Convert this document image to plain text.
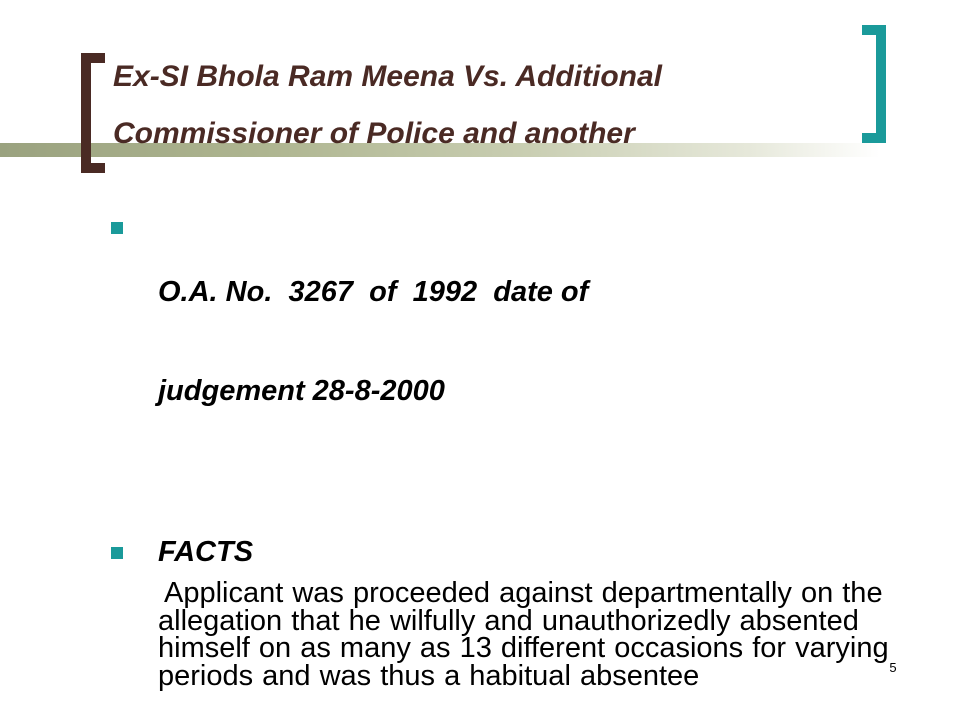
Ex-SI Bhola Ram Meena Vs. Additional
Commissioner of Police and another

O.A. No.  3267  of  1992  date of

judgement 28-8-2000

FACTS

Applicant was proceeded against departmentally on the allegation that he wilfully and unauthorizedly absented himself on as many as 13 different occasions for varying periods and was thus a habitual absentee	5
